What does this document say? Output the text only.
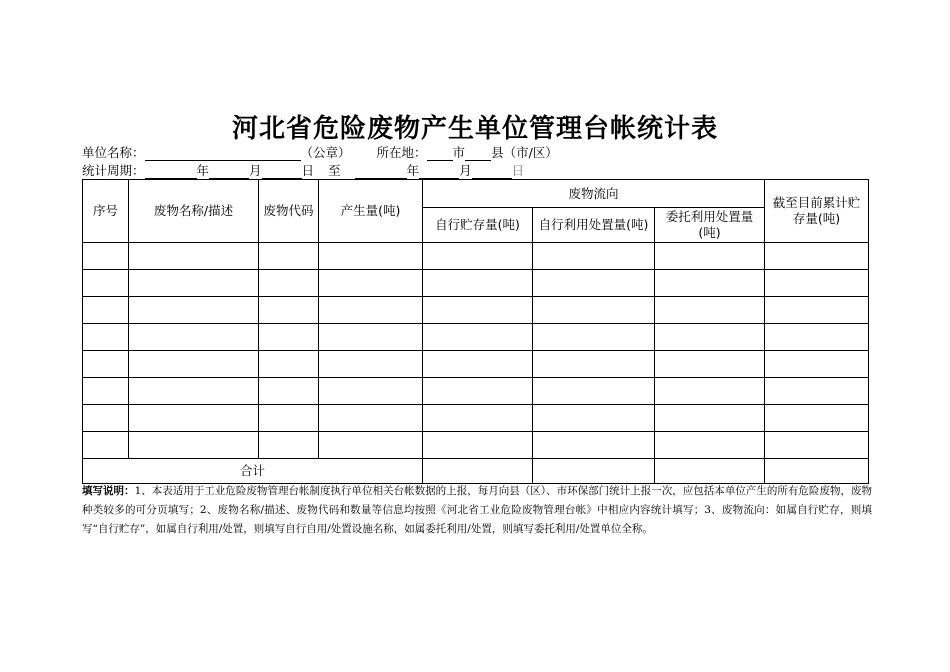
河北省危险废物产生单位管理台帐统计表
单位名称：	（公章） 所在地： 市 县（市/区）
统计周期：	年	月	日 至	年	月	日
序号	废物名称/描述	废物代码	产生量(吨)	废物流向			截至目前累计贮存量(吨)
				自行贮存量(吨)	自行利用处置量(吨)	委托利用处置量(吨)	

合计							
填写说明：1、本表适用于工业危险废物管理台帐制度执行单位相关台帐数据的上报，每月向县（区）、市环保部门统计上报一次，应包括本单位产生的所有危险废物，废物种类较多的可分页填写；2、废物名称/描述、废物代码和数量等信息均按照《河北省工业危险废物管理台帐》中相应内容统计填写；3、废物流向：如属自行贮存，则填写“自行贮存”，如属自行利用/处置，则填写自行自用/处置设施名称，如属委托利用/处置，则填写委托利用/处置单位全称。
